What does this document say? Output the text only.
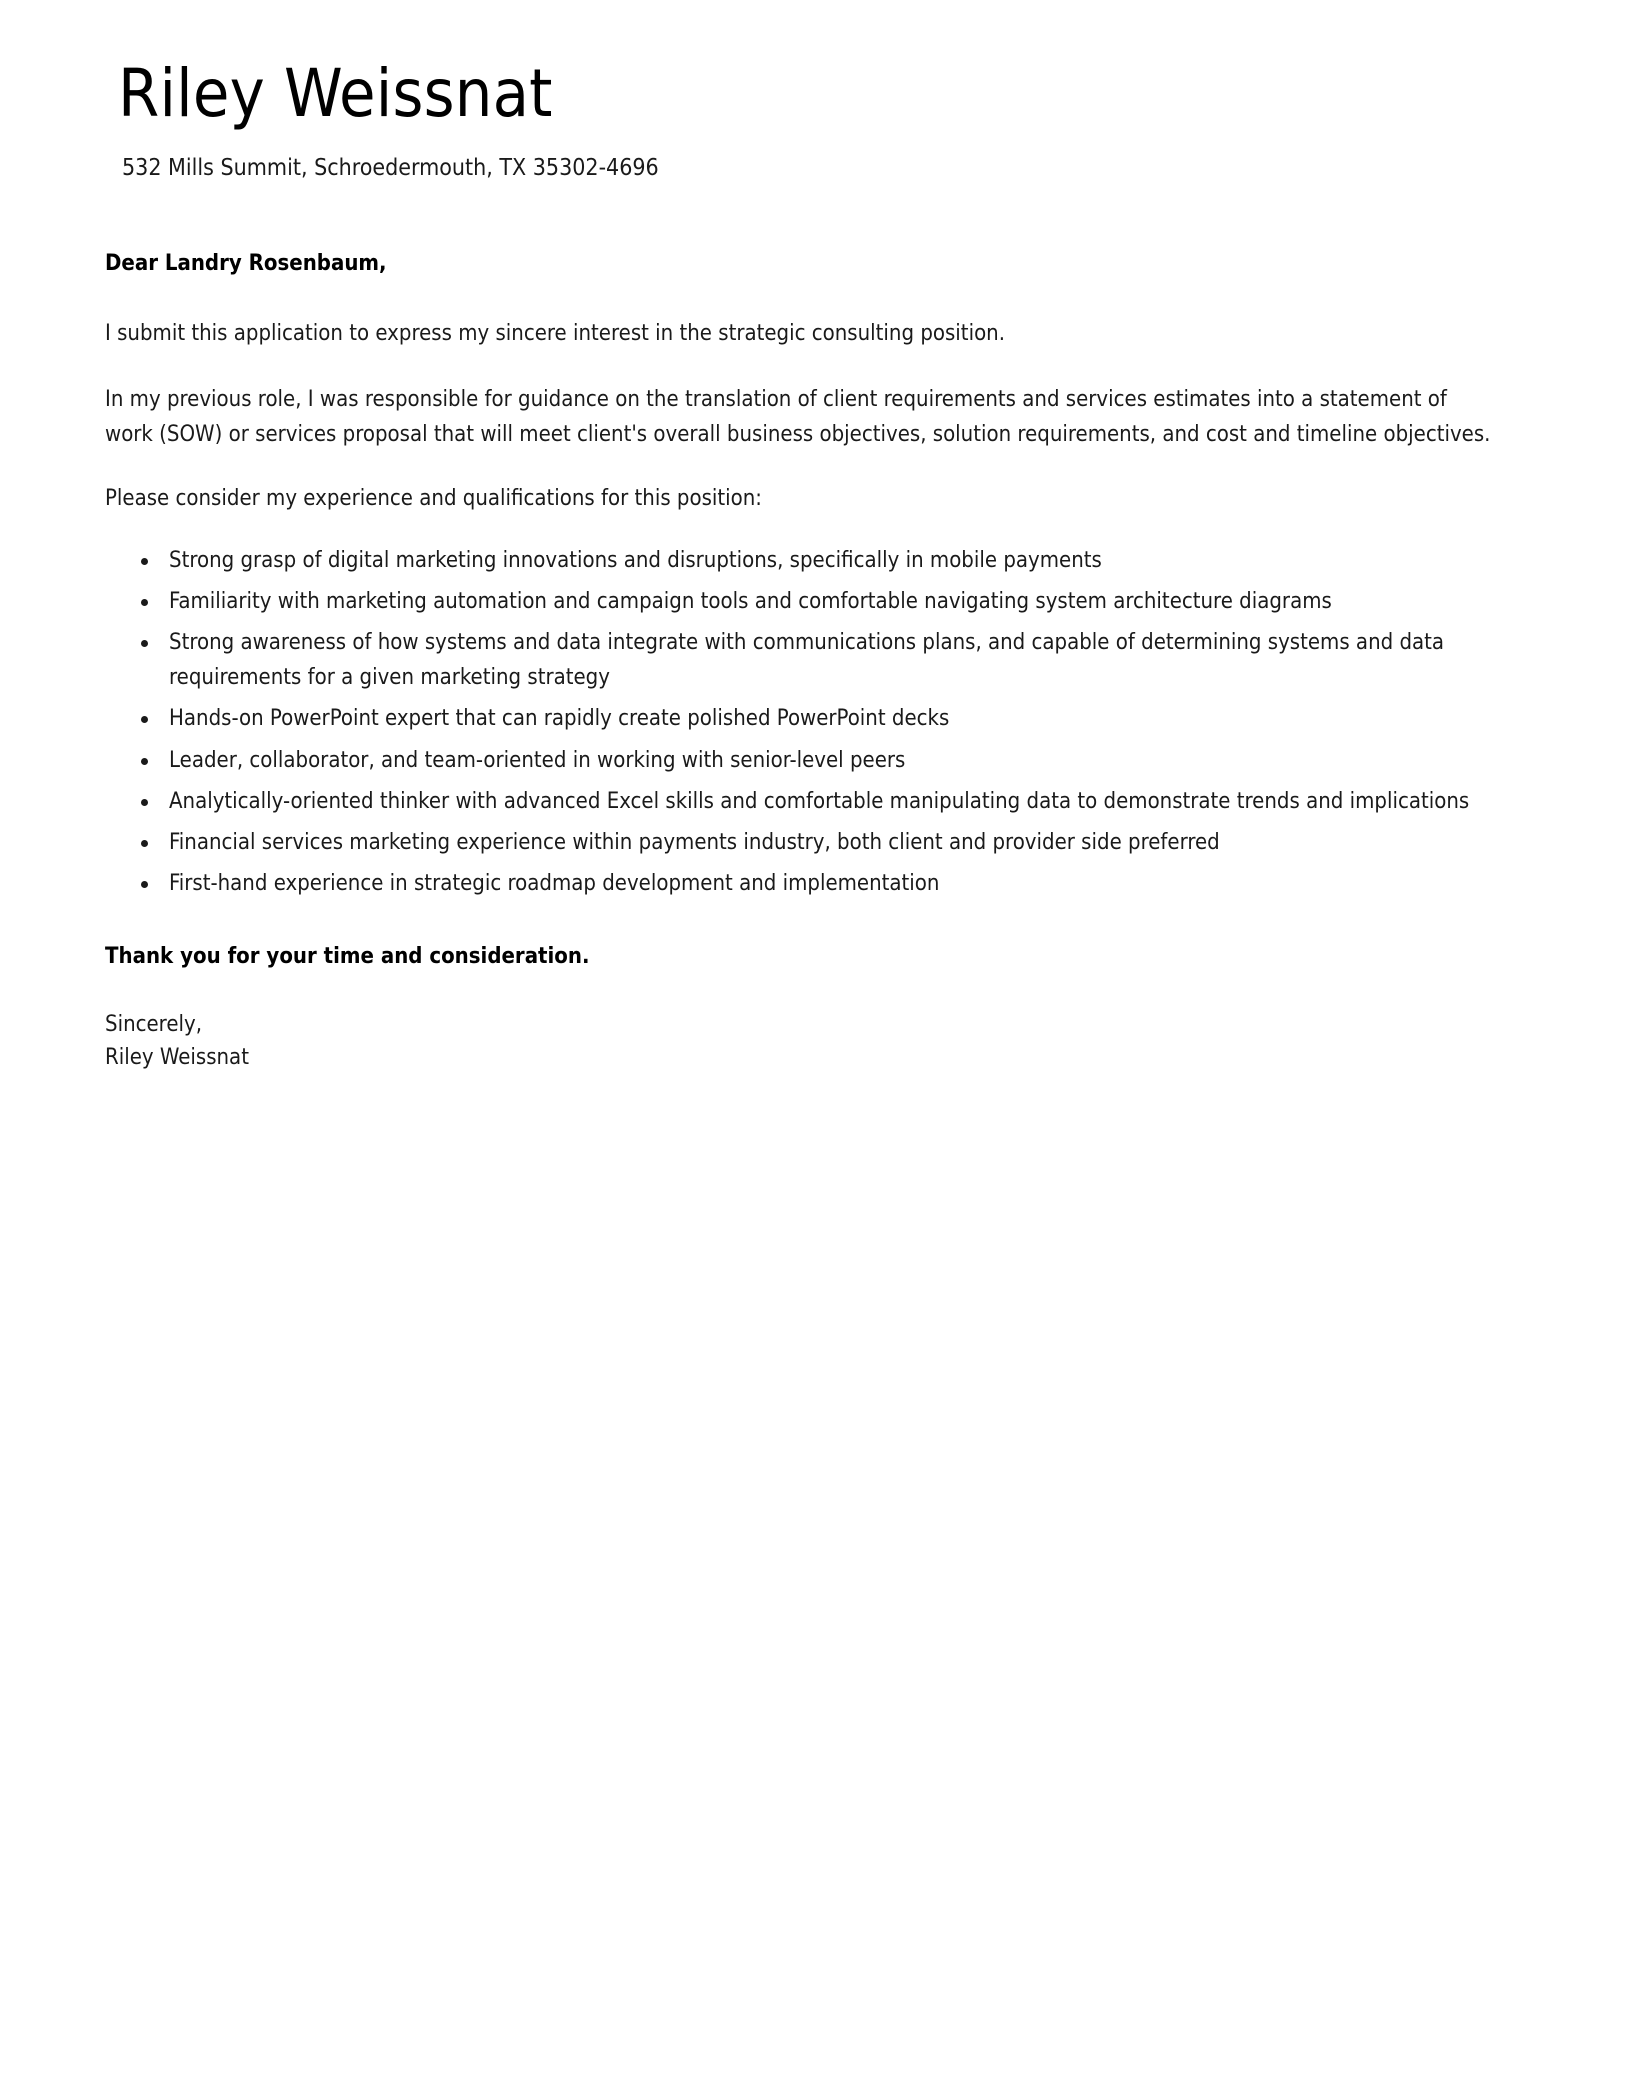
Riley Weissnat

532 Mills Summit, Schroedermouth, TX 35302-4696

Dear Landry Rosenbaum,

I submit this application to express my sincere interest in the strategic consulting position.

In my previous role, I was responsible for guidance on the translation of client requirements and services estimates into a statement of work (SOW) or services proposal that will meet client's overall business objectives, solution requirements, and cost and timeline objectives.

Please consider my experience and qualifications for this position:

Strong grasp of digital marketing innovations and disruptions, specifically in mobile payments
Familiarity with marketing automation and campaign tools and comfortable navigating system architecture diagrams
Strong awareness of how systems and data integrate with communications plans, and capable of determining systems and data requirements for a given marketing strategy
Hands-on PowerPoint expert that can rapidly create polished PowerPoint decks
Leader, collaborator, and team-oriented in working with senior-level peers
Analytically-oriented thinker with advanced Excel skills and comfortable manipulating data to demonstrate trends and implications
Financial services marketing experience within payments industry, both client and provider side preferred
First-hand experience in strategic roadmap development and implementation

Thank you for your time and consideration.

Sincerely,
Riley Weissnat
